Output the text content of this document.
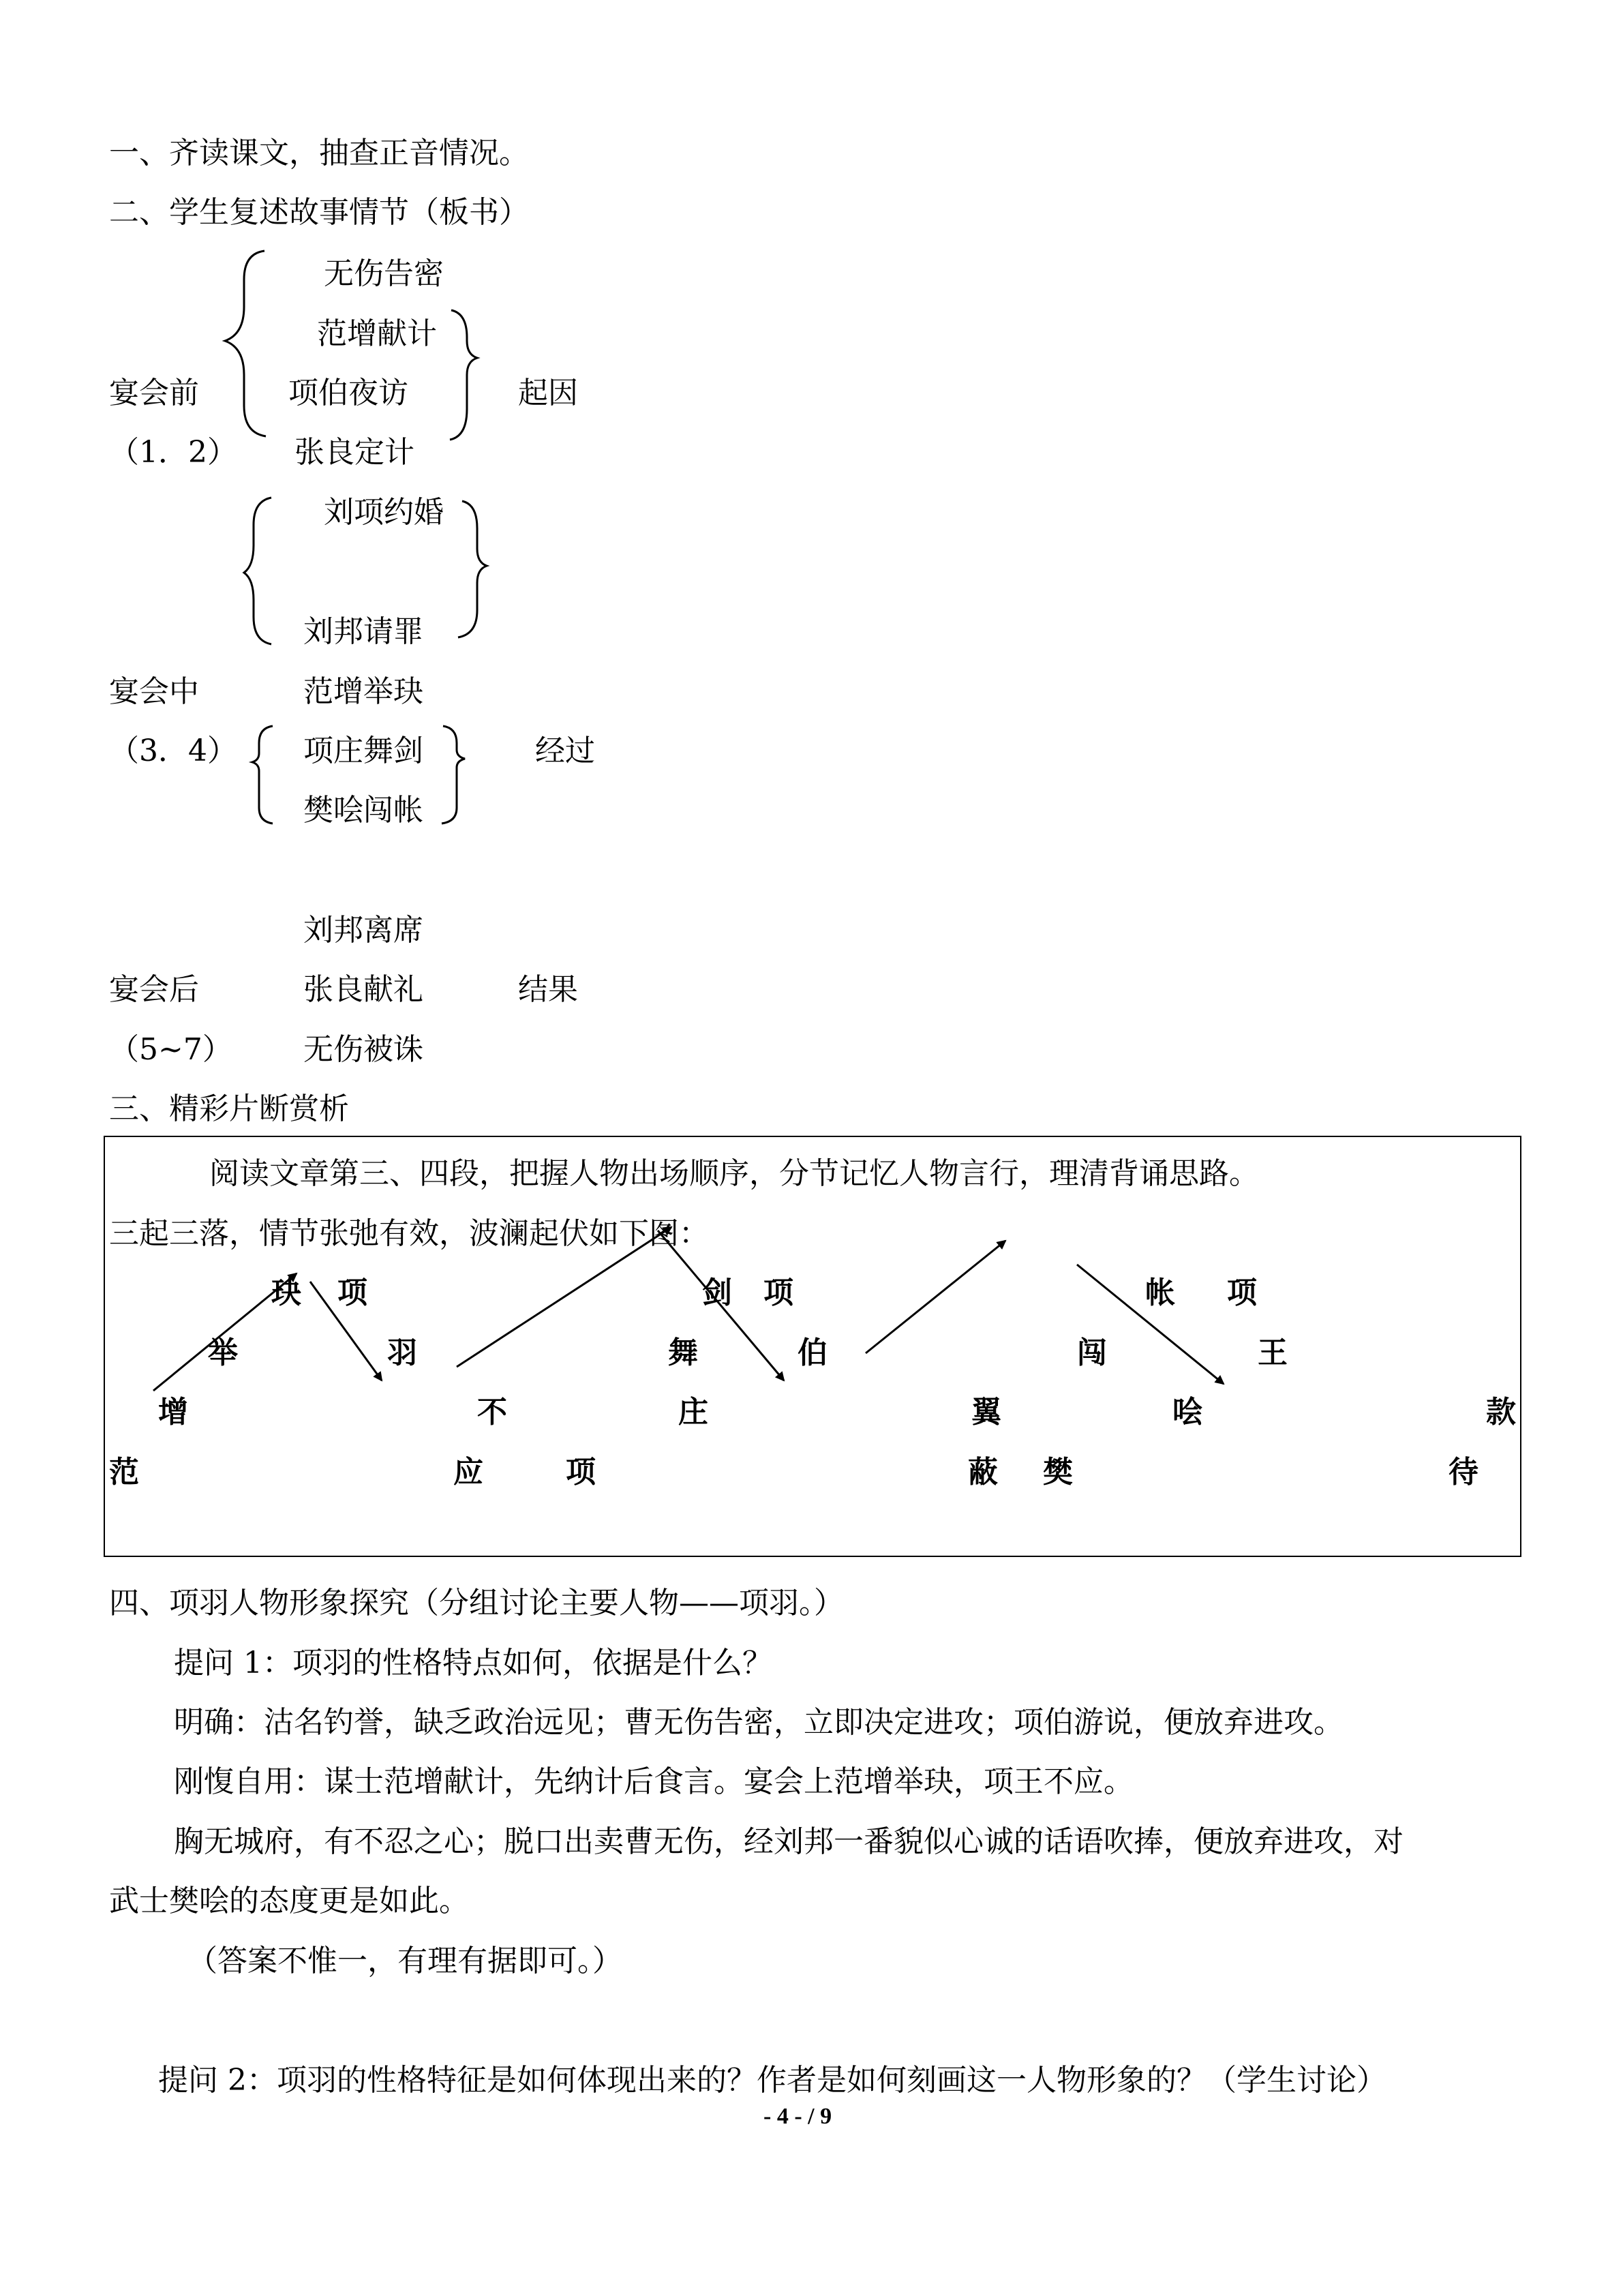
一、齐读课文，抽查正音情况。
二、学生复述故事情节（板书）
无伤告密
范增献计
宴会前	项伯夜访	起因
（1．2） 张良定计
刘项约婚
刘邦请罪
宴会中	范增举玦
（3．4） 项庄舞剑	经过
樊哙闯帐
刘邦离席
宴会后	张良献礼	结果
（5~7） 无伤被诛
三、精彩片断赏析
阅读文章第三、四段，把握人物出场顺序，分节记忆人物言行，理清背诵思路。
三起三落，情节张弛有效，波澜起伏如下图：
玦 项
举	羽
增
范
不
应	项
剑 项
舞	伯
庄	翼
蔽
帐 项
闯	王
哙
樊
款
待
四、项羽人物形象探究（分组讨论主要人物——项羽。）
提问 1：项羽的性格特点如何，依据是什么？
明确：沽名钓誉，缺乏政治远见；曹无伤告密，立即决定进攻；项伯游说，便放弃进攻。
刚愎自用：谋士范增献计，先纳计后食言。宴会上范增举玦，项王不应。
胸无城府，有不忍之心；脱口出卖曹无伤，经刘邦一番貌似心诚的话语吹捧，便放弃进攻，对
武士樊哙的态度更是如此。
（答案不惟一，有理有据即可。）
提问 2：项羽的性格特征是如何体现出来的？作者是如何刻画这一人物形象的？（学生讨论）
- 4 - / 9
